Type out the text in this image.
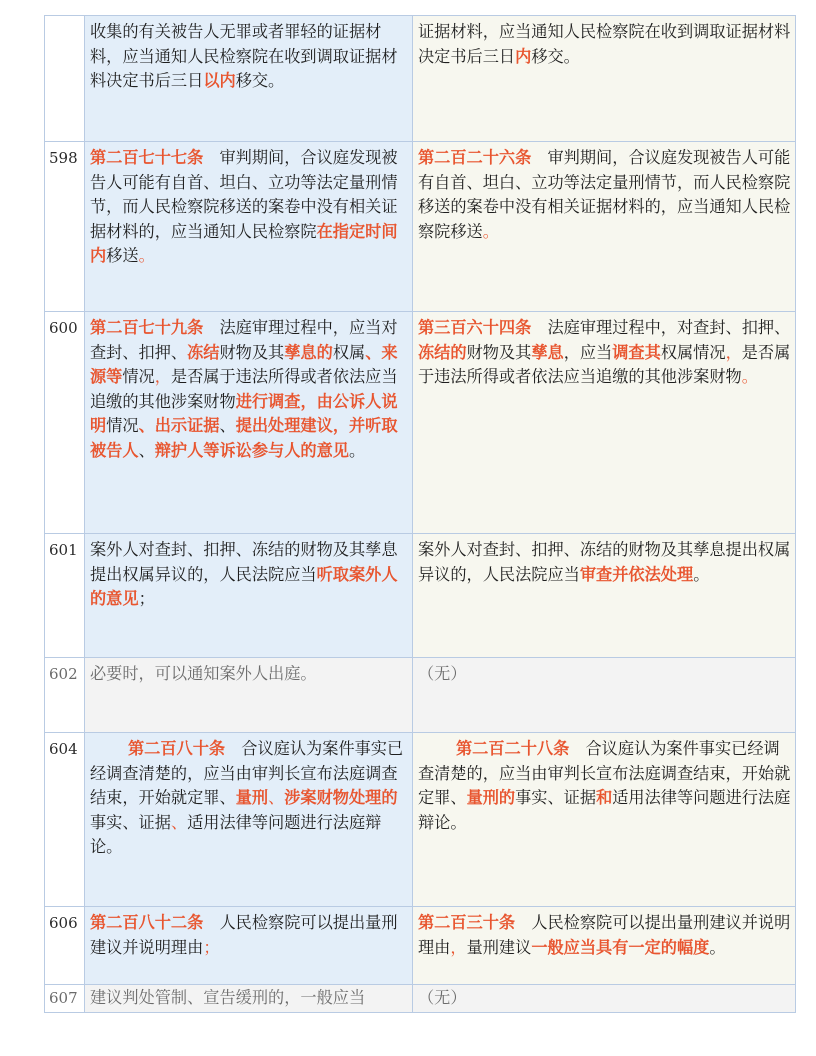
	收集的有关被告人无罪或者罪轻的证据材料，应当通知人民检察院在收到调取证据材料决定书后三日以内移交。	证据材料，应当通知人民检察院在收到调取证据材料决定书后三日内移交。
598	第二百七十七条　审判期间，合议庭发现被告人可能有自首、坦白、立功等法定量刑情节，而人民检察院移送的案卷中没有相关证据材料的，应当通知人民检察院在指定时间内移送。	第二百二十六条　审判期间，合议庭发现被告人可能有自首、坦白、立功等法定量刑情节，而人民检察院移送的案卷中没有相关证据材料的，应当通知人民检察院移送。
600	第二百七十九条　法庭审理过程中，应当对查封、扣押、冻结财物及其孳息的权属、来源等情况，是否属于违法所得或者依法应当追缴的其他涉案财物进行调查，由公诉人说明情况、出示证据、提出处理建议，并听取被告人、辩护人等诉讼参与人的意见。	第三百六十四条　法庭审理过程中，对查封、扣押、冻结的财物及其孳息，应当调查其权属情况，是否属于违法所得或者依法应当追缴的其他涉案财物。
601	案外人对查封、扣押、冻结的财物及其孳息提出权属异议的，人民法院应当听取案外人的意见；	案外人对查封、扣押、冻结的财物及其孳息提出权属异议的，人民法院应当审查并依法处理。
602	必要时，可以通知案外人出庭。	（无）
604	第二百八十条　合议庭认为案件事实已经调查清楚的，应当由审判长宣布法庭调查结束，开始就定罪、量刑、涉案财物处理的事实、证据、适用法律等问题进行法庭辩论。	第二百二十八条　合议庭认为案件事实已经调查清楚的，应当由审判长宣布法庭调查结束，开始就定罪、量刑的事实、证据和适用法律等问题进行法庭辩论。
606	第二百八十二条　人民检察院可以提出量刑建议并说明理由；	第二百三十条　人民检察院可以提出量刑建议并说明理由，量刑建议一般应当具有一定的幅度。
607	建议判处管制、宣告缓刑的，一般应当	（无）
